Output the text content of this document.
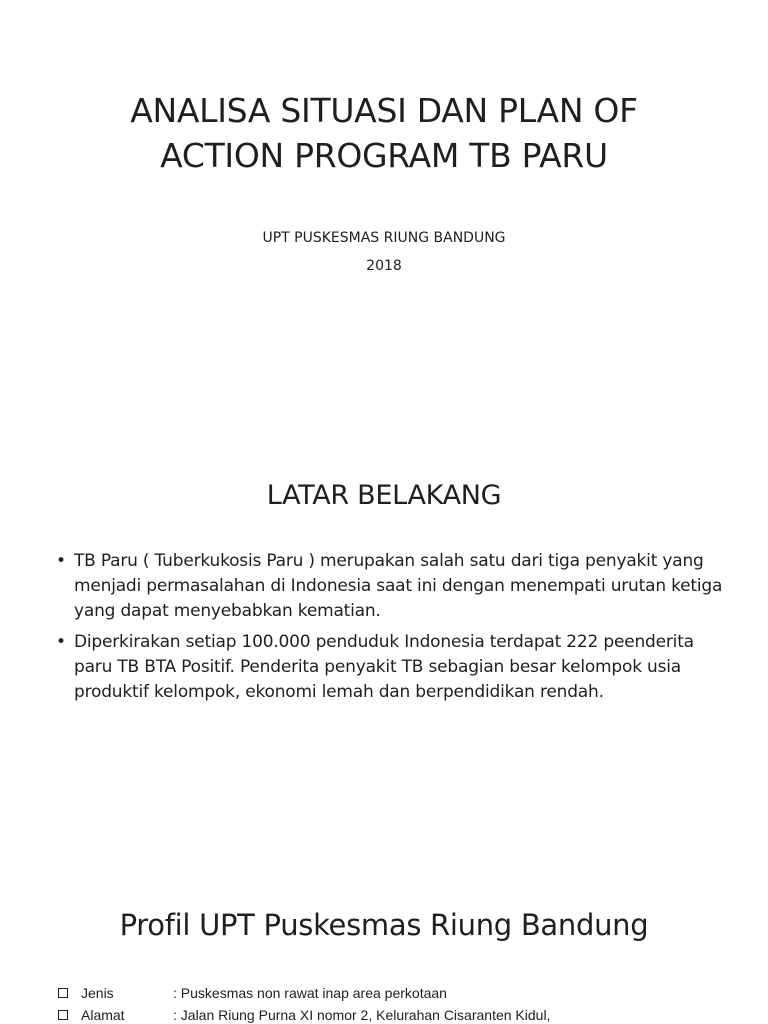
ANALISA SITUASI DAN PLAN OF
ACTION PROGRAM TB PARU

UPT PUSKESMAS RIUNG BANDUNG

2018

LATAR BELAKANG
• TB Paru ( Tuberkukosis Paru ) merupakan salah satu dari tiga penyakit yang menjadi permasalahan di Indonesia saat ini dengan menempati urutan ketiga yang dapat menyebabkan kematian.
• Diperkirakan setiap 100.000 penduduk Indonesia terdapat 222 peenderita paru TB BTA Positif. Penderita penyakit TB sebagian besar kelompok usia produktif kelompok, ekonomi lemah dan berpendidikan rendah.
Profil UPT Puskesmas Riung Bandung
Jenis	: Puskesmas non rawat inap area perkotaan
Alamat	: Jalan Riung Purna XI nomor 2, Kelurahan Cisaranten Kidul,
